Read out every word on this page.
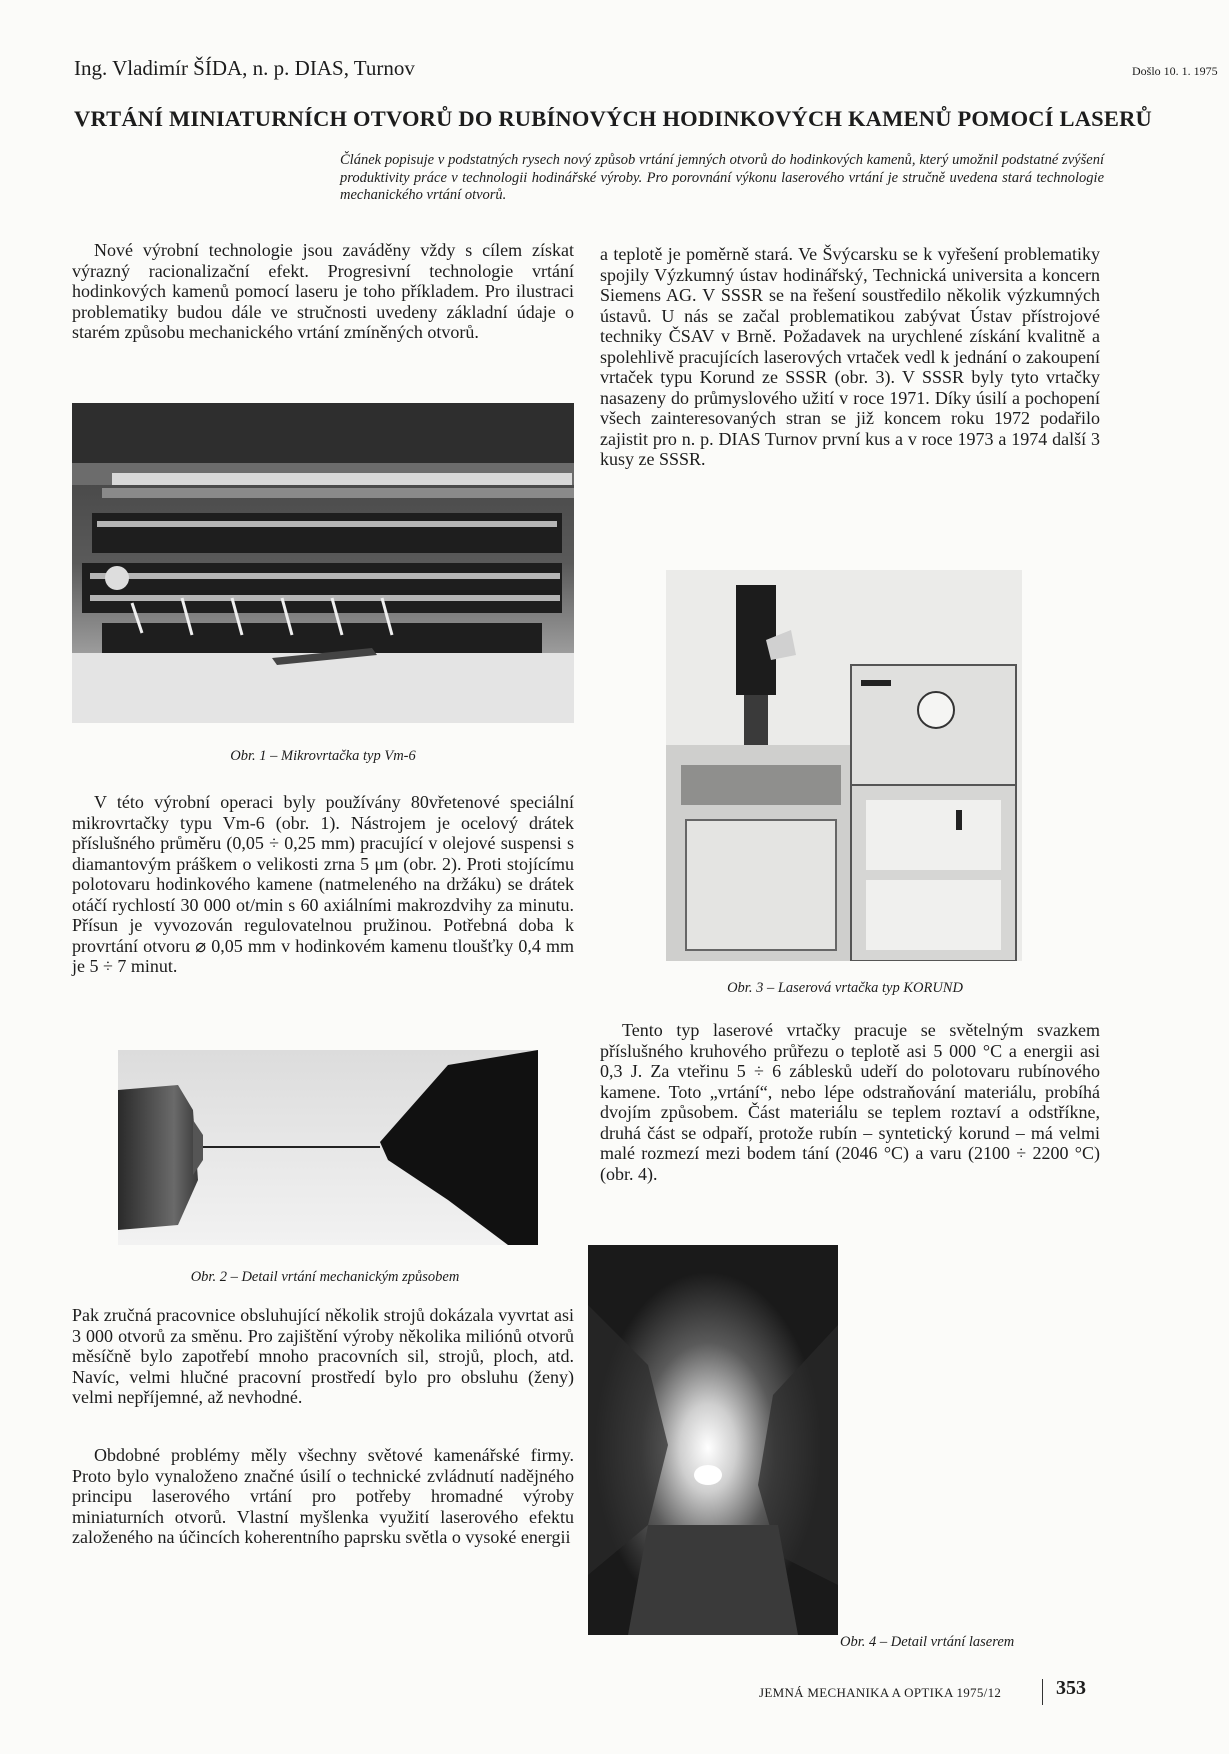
Ing. Vladimír ŠÍDA, n. p. DIAS, Turnov	Došlo 10. 1. 1975
VRTÁNÍ MINIATURNÍCH OTVORŮ DO RUBÍNOVÝCH HODINKOVÝCH KAMENŮ POMOCÍ LASERŮ
Článek popisuje v podstatných rysech nový způsob vrtání jemných otvorů do hodinkových kamenů, který umožnil podstatné zvýšení produktivity práce v technologii hodinářské výroby. Pro porovnání výkonu laserového vrtání je stručně uvedena stará technologie mechanického vrtání otvorů.

Nové výrobní technologie jsou zaváděny vždy s cílem získat výrazný racionalizační efekt. Progresivní technologie vrtání hodinkových kamenů pomocí laseru je toho příkladem. Pro ilustraci problematiky budou dále ve stručnosti uvedeny základní údaje o starém způsobu mechanického vrtání zmíněných otvorů.

Obr. 1 – Mikrovrtačka typ Vm-6

V této výrobní operaci byly používány 80vřetenové speciální mikrovrtačky typu Vm-6 (obr. 1). Nástrojem je ocelový drátek příslušného průměru (0,05 ÷ 0,25 mm) pracující v olejové suspensi s diamantovým práškem o velikosti zrna 5 μm (obr. 2). Proti stojícímu polotovaru hodinkového kamene (natmeleného na držáku) se drátek otáčí rychlostí 30 000 ot/min s 60 axiálními makrozdvihy za minutu. Přísun je vyvozován regulovatelnou pružinou. Potřebná doba k provrtání otvoru ⌀ 0,05 mm v hodinkovém kamenu tloušťky 0,4 mm je 5 ÷ 7 minut.

Obr. 2 – Detail vrtání mechanickým způsobem

Pak zručná pracovnice obsluhující několik strojů dokázala vyvrtat asi 3 000 otvorů za směnu. Pro zajištění výroby několika miliónů otvorů měsíčně bylo zapotřebí mnoho pracovních sil, strojů, ploch, atd. Navíc, velmi hlučné pracovní prostředí bylo pro obsluhu (ženy) velmi nepříjemné, až nevhodné.

Obdobné problémy měly všechny světové kamenářské firmy. Proto bylo vynaloženo značné úsilí o technické zvládnutí nadějného principu laserového vrtání pro potřeby hromadné výroby miniaturních otvorů. Vlastní myšlenka využití laserového efektu založeného na účincích koherentního paprsku světla o vysoké energii

a teplotě je poměrně stará. Ve Švýcarsku se k vyřešení problematiky spojily Výzkumný ústav hodinářský, Technická universita a koncern Siemens AG. V SSSR se na řešení soustředilo několik výzkumných ústavů. U nás se začal problematikou zabývat Ústav přístrojové techniky ČSAV v Brně. Požadavek na urychlené získání kvalitně a spolehlivě pracujících laserových vrtaček vedl k jednání o zakoupení vrtaček typu Korund ze SSSR (obr. 3). V SSSR byly tyto vrtačky nasazeny do průmyslového užití v roce 1971. Díky úsilí a pochopení všech zainteresovaných stran se již koncem roku 1972 podařilo zajistit pro n. p. DIAS Turnov první kus a v roce 1973 a 1974 další 3 kusy ze SSSR.

Obr. 3 – Laserová vrtačka typ KORUND

Tento typ laserové vrtačky pracuje se světelným svazkem příslušného kruhového průřezu o teplotě asi 5 000 °C a energii asi 0,3 J. Za vteřinu 5 ÷ 6 záblesků udeří do polotovaru rubínového kamene. Toto „vrtání“, nebo lépe odstraňování materiálu, probíhá dvojím způsobem. Část materiálu se teplem roztaví a odstříkne, druhá část se odpaří, protože rubín – syntetický korund – má velmi malé rozmezí mezi bodem tání (2046 °C) a varu (2100 ÷ 2200 °C) (obr. 4).

Obr. 4 – Detail vrtání laserem
JEMNÁ MECHANIKA A OPTIKA 1975/12	353
